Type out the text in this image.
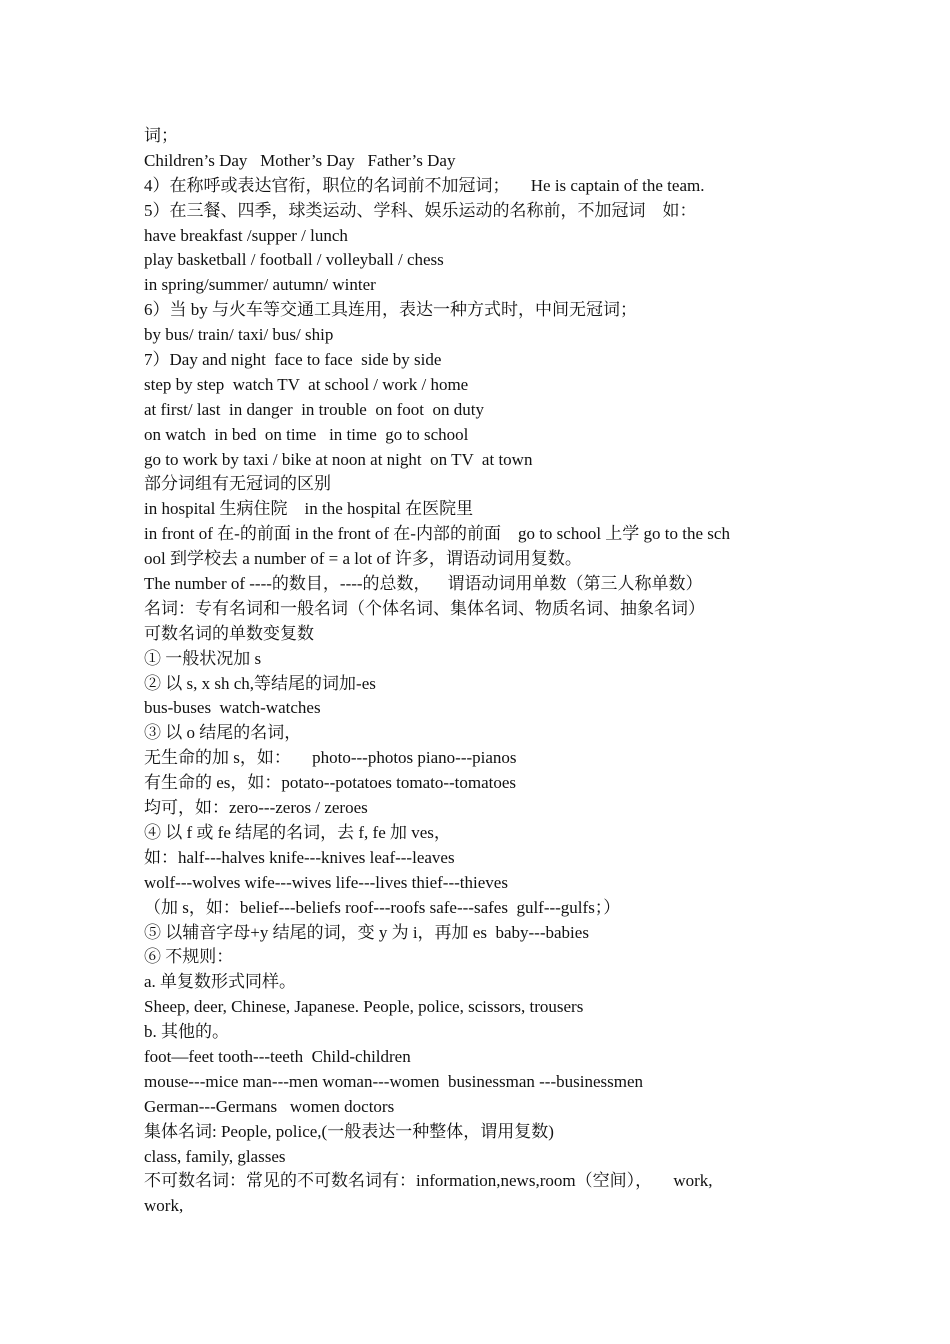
词；
Children’s Day   Mother’s Day   Father’s Day
4）在称呼或表达官衔，职位的名词前不加冠词；     He is captain of the team.
5）在三餐、四季，球类运动、学科、娱乐运动的名称前，不加冠词    如：
have breakfast /supper / lunch
play basketball / football / volleyball / chess
in spring/summer/ autumn/ winter
6）当 by 与火车等交通工具连用，表达一种方式时，中间无冠词；
by bus/ train/ taxi/ bus/ ship
7）Day and night  face to face  side by side
step by step  watch TV  at school / work / home
at first/ last  in danger  in trouble  on foot  on duty
on watch  in bed  on time   in time  go to school
go to work by taxi / bike at noon at night  on TV  at town
部分词组有无冠词的区别
in hospital 生病住院    in the hospital 在医院里
in front of 在-的前面 in the front of 在-内部的前面    go to school 上学 go to the sch
ool 到学校去 a number of = a lot of 许多，谓语动词用复数。
The number of ----的数目，----的总数，    谓语动词用单数（第三人称单数）
名词：专有名词和一般名词（个体名词、集体名词、物质名词、抽象名词）
可数名词的单数变复数
① 一般状况加 s
② 以 s, x sh ch,等结尾的词加-es
bus-buses  watch-watches
③ 以 o 结尾的名词，
无生命的加 s，如：     photo---photos piano---pianos
有生命的 es，如：potato--potatoes tomato--tomatoes
均可，如：zero---zeros / zeroes
④ 以 f 或 fe 结尾的名词，去 f, fe 加 ves，
如：half---halves knife---knives leaf---leaves
wolf---wolves wife---wives life---lives thief---thieves
（加 s，如：belief---beliefs roof---roofs safe---safes  gulf---gulfs；）
⑤ 以辅音字母+y 结尾的词，变 y 为 i，再加 es  baby---babies
⑥ 不规则：
a. 单复数形式同样。
Sheep, deer, Chinese, Japanese. People, police, scissors, trousers
b. 其他的。
foot—feet tooth---teeth  Child-children
mouse---mice man---men woman---women  businessman ---businessmen
German---Germans   women doctors
集体名词: People, police,(一般表达一种整体，谓用复数)
class, family, glasses
不可数名词：常见的不可数名词有：information,news,room（空间），     work,
work,
